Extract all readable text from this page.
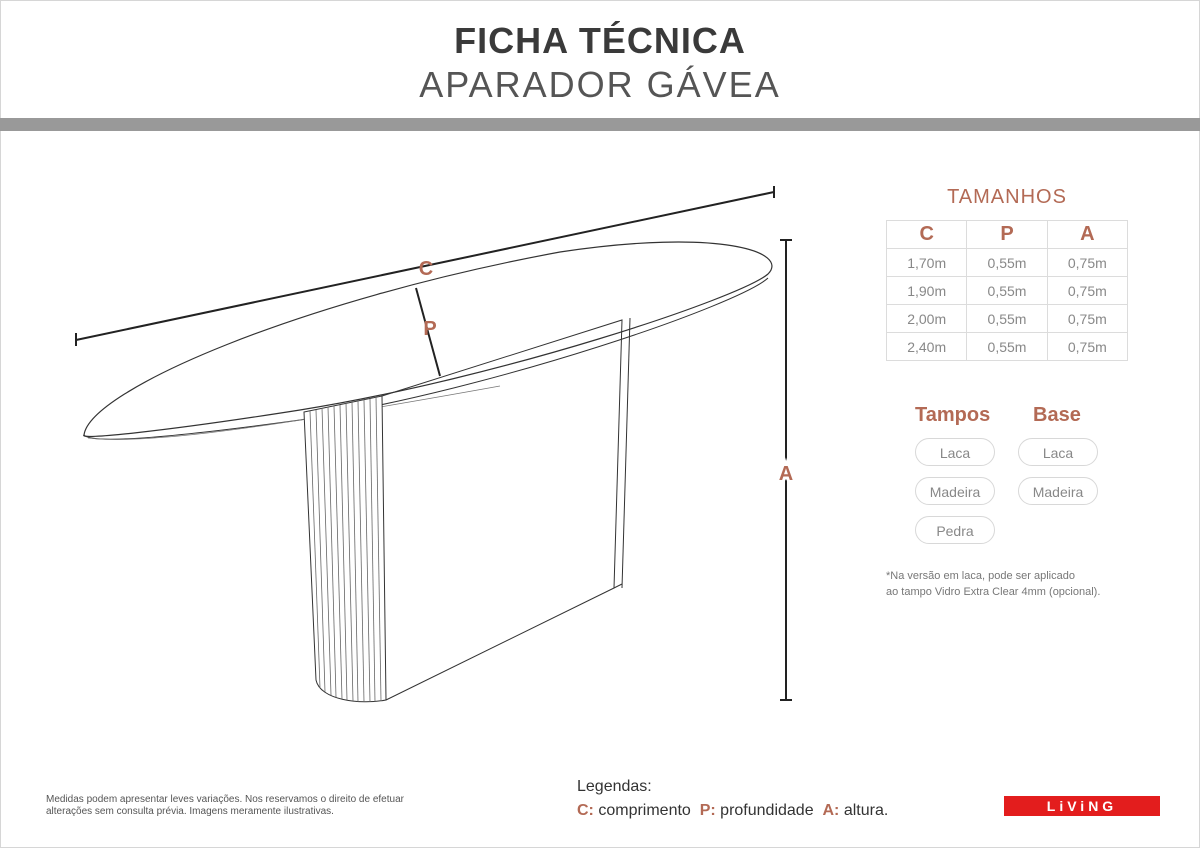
FICHA TÉCNICA
APARADOR GÁVEA
C
P
A
TAMANHOS
C	P	A
1,70m	0,55m	0,75m
1,90m	0,55m	0,75m
2,00m	0,55m	0,75m
2,40m	0,55m	0,75m
Tampos Base
Laca
Madeira
Pedra
Laca
Madeira
*Na versão em laca, pode ser aplicado
ao tampo Vidro Extra Clear 4mm (opcional).
Medidas podem apresentar leves variações. Nos reservamos o direito de efetuar
alterações sem consulta prévia. Imagens meramente ilustrativas.
Legendas:
C: comprimento P: profundidade A: altura.	LiViNG
